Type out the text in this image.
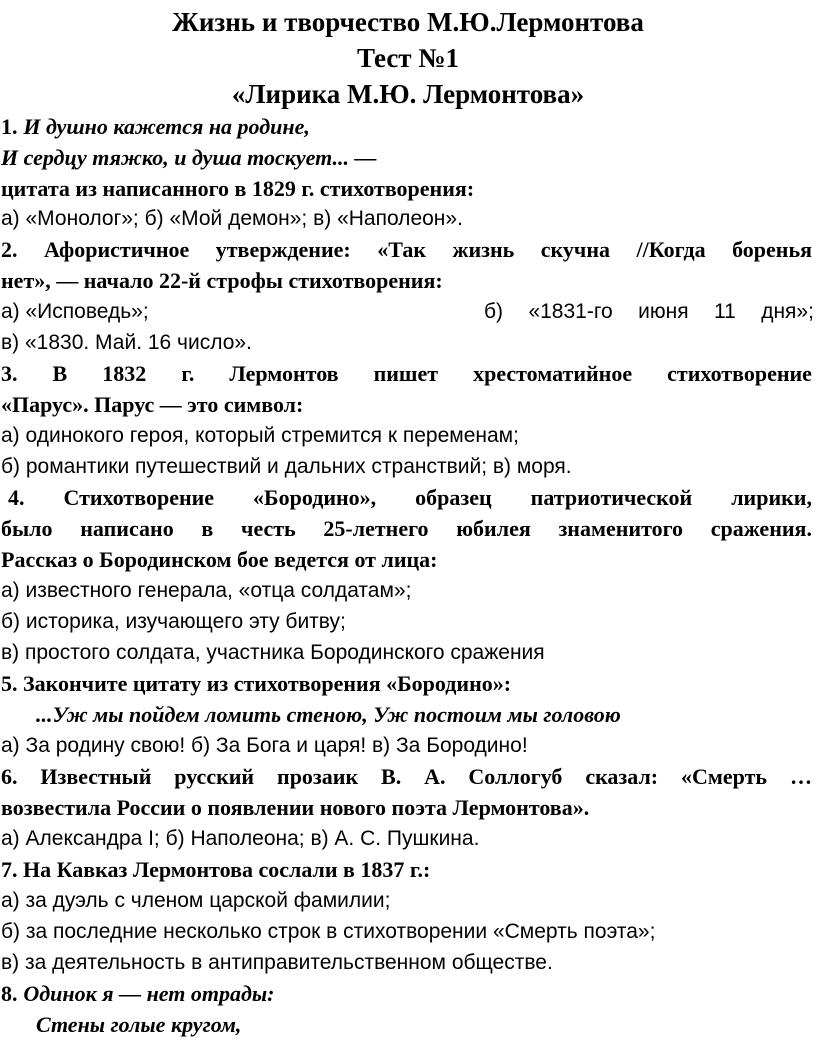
Жизнь и творчество М.Ю.Лермонтова
Тест №1
«Лирика М.Ю. Лермонтова»
1. И душно кажется на родине,
И сердцу тяжко, и душа тоскует... —
цитата из написанного в 1829 г. стихотворения:
а) «Монолог»; б) «Мой демон»; в) «Наполеон».
2. Афористичное утверждение: «Так жизнь скучна //Когда боренья
нет», — начало 22-й строфы стихотворения:
а) «Исповедь»;	б) «1831-го июня 11 дня»;
в) «1830. Май. 16 число».
3. В 1832 г. Лермонтов пишет хрестоматийное стихотворение
«Парус». Парус — это символ:
а) одинокого героя, который стремится к переменам;
б) романтики путешествий и дальних странствий; в) моря.
4. Стихотворение «Бородино», образец патриотической лирики,
было написано в честь 25-летнего юбилея знаменитого сражения.
Рассказ о Бородинском бое ведется от лица:
а) известного генерала, «отца солдатам»;
б) историка, изучающего эту битву;
в) простого солдата, участника Бородинского сражения
5. Закончите цитату из стихотворения «Бородино»:
...Уж мы пойдем ломить стеною, Уж постоим мы головою
а) За родину свою! б) За Бога и царя! в) За Бородино!
6. Известный русский прозаик В. А. Соллогуб сказал: «Смерть …
возвестила России о появлении нового поэта Лермонтова».
а) Александра I; б) Наполеона; в) А. С. Пушкина.
7. На Кавказ Лермонтова сослали в 1837 г.:
а) за дуэль с членом царской фамилии;
б) за последние несколько строк в стихотворении «Смерть поэта»;
в) за деятельность в антиправительственном обществе.
8. Одинок я — нет отрады:
Стены голые кругом,
